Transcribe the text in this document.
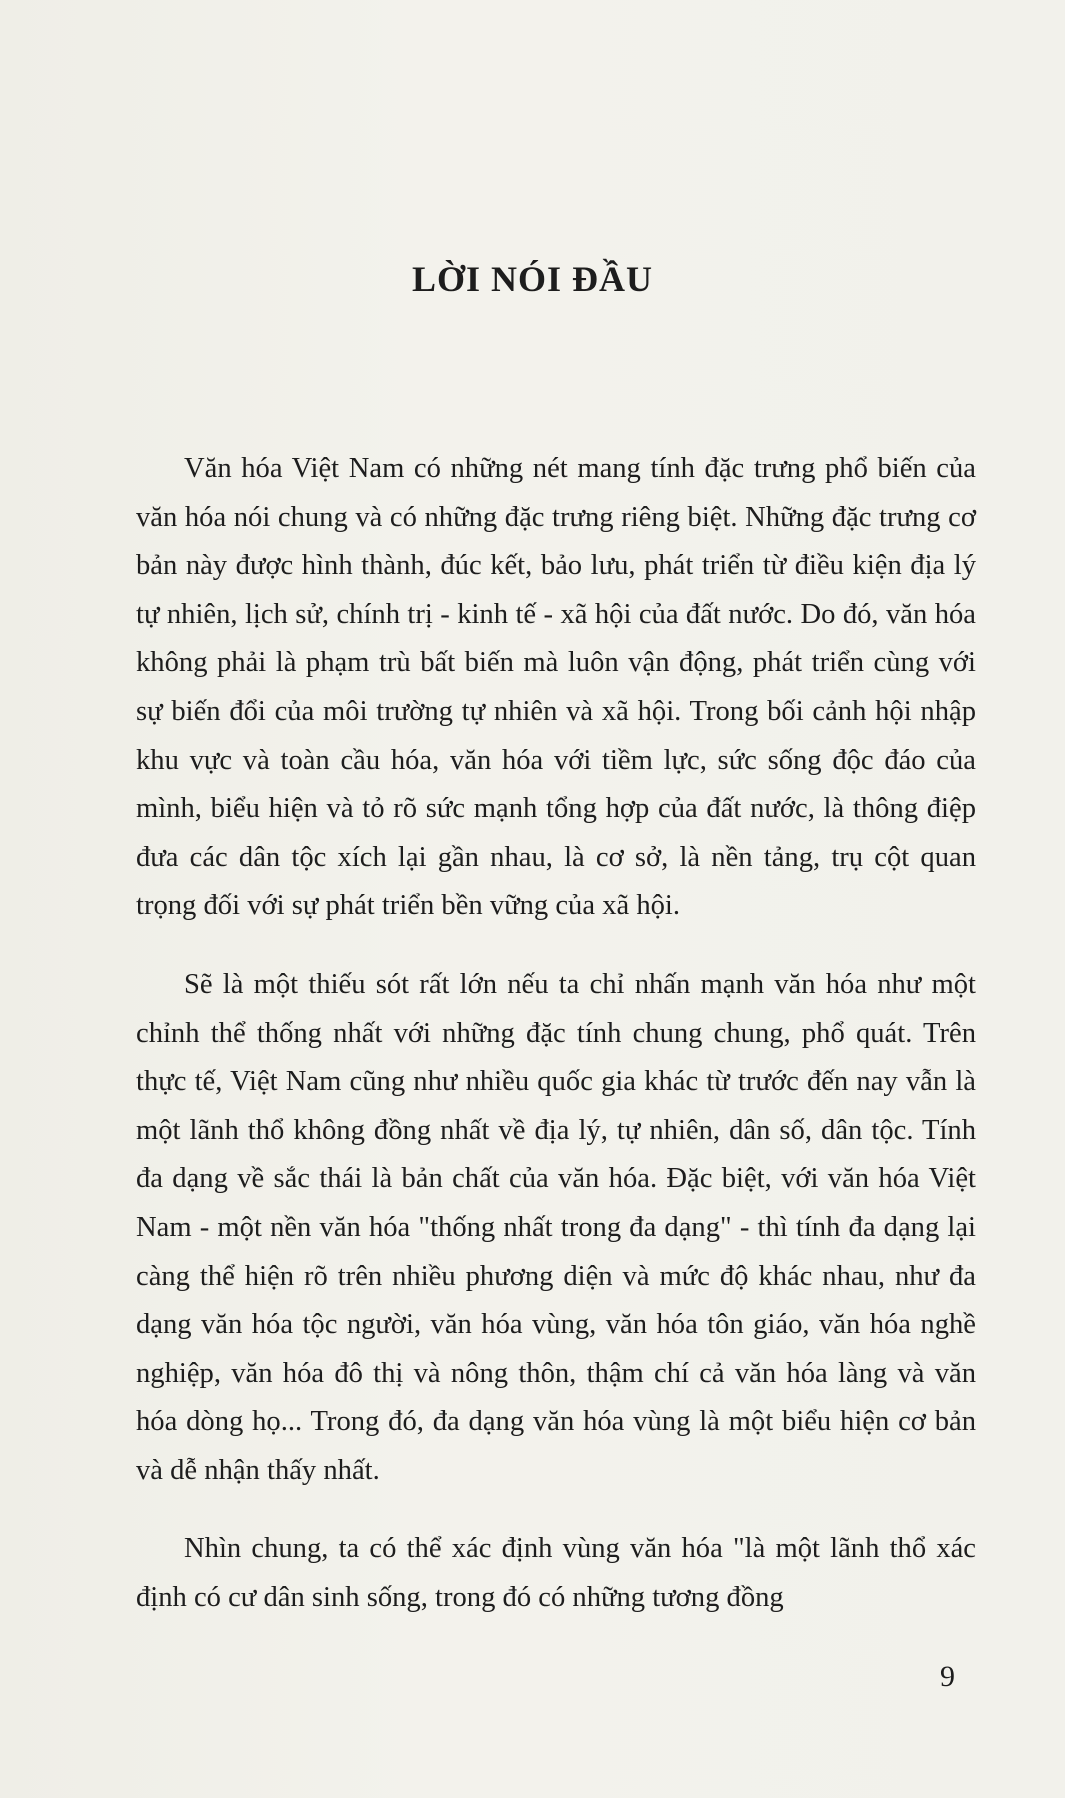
LỜI NÓI ĐẦU

Văn hóa Việt Nam có những nét mang tính đặc trưng phổ biến của văn hóa nói chung và có những đặc trưng riêng biệt. Những đặc trưng cơ bản này được hình thành, đúc kết, bảo lưu, phát triển từ điều kiện địa lý tự nhiên, lịch sử, chính trị - kinh tế - xã hội của đất nước. Do đó, văn hóa không phải là phạm trù bất biến mà luôn vận động, phát triển cùng với sự biến đổi của môi trường tự nhiên và xã hội. Trong bối cảnh hội nhập khu vực và toàn cầu hóa, văn hóa với tiềm lực, sức sống độc đáo của mình, biểu hiện và tỏ rõ sức mạnh tổng hợp của đất nước, là thông điệp đưa các dân tộc xích lại gần nhau, là cơ sở, là nền tảng, trụ cột quan trọng đối với sự phát triển bền vững của xã hội.

Sẽ là một thiếu sót rất lớn nếu ta chỉ nhấn mạnh văn hóa như một chỉnh thể thống nhất với những đặc tính chung chung, phổ quát. Trên thực tế, Việt Nam cũng như nhiều quốc gia khác từ trước đến nay vẫn là một lãnh thổ không đồng nhất về địa lý, tự nhiên, dân số, dân tộc. Tính đa dạng về sắc thái là bản chất của văn hóa. Đặc biệt, với văn hóa Việt Nam - một nền văn hóa "thống nhất trong đa dạng" - thì tính đa dạng lại càng thể hiện rõ trên nhiều phương diện và mức độ khác nhau, như đa dạng văn hóa tộc người, văn hóa vùng, văn hóa tôn giáo, văn hóa nghề nghiệp, văn hóa đô thị và nông thôn, thậm chí cả văn hóa làng và văn hóa dòng họ... Trong đó, đa dạng văn hóa vùng là một biểu hiện cơ bản và dễ nhận thấy nhất.

Nhìn chung, ta có thể xác định vùng văn hóa "là một lãnh thổ xác định có cư dân sinh sống, trong đó có những tương đồng

9
